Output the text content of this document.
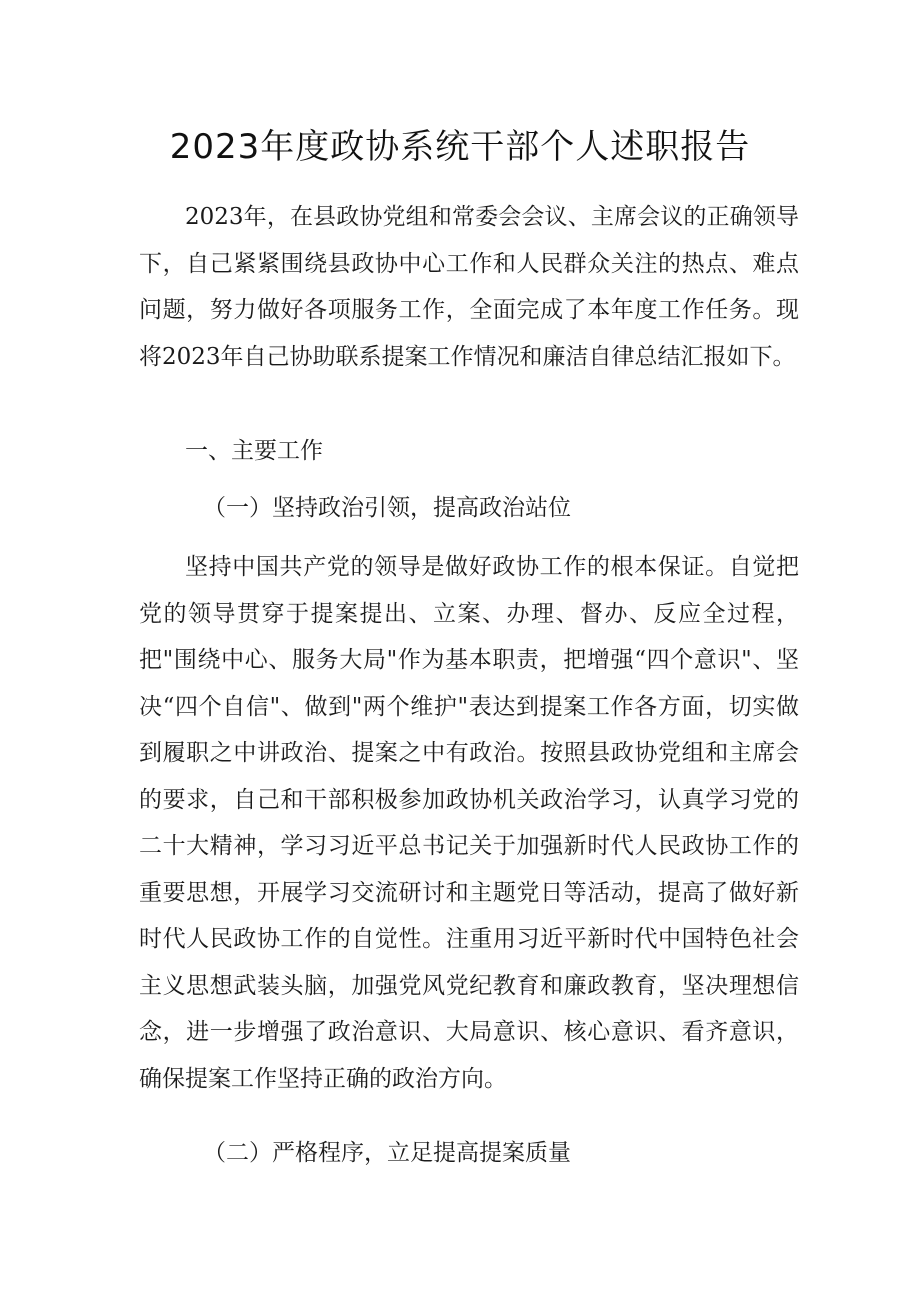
2023年度政协系统干部个人述职报告

2023年，在县政协党组和常委会会议、主席会议的正确领导下，自己紧紧围绕县政协中心工作和人民群众关注的热点、难点问题，努力做好各项服务工作，全面完成了本年度工作任务。现将2023年自己协助联系提案工作情况和廉洁自律总结汇报如下。

一、主要工作

（一）坚持政治引领，提高政治站位

坚持中国共产党的领导是做好政协工作的根本保证。自觉把党的领导贯穿于提案提出、立案、办理、督办、反应全过程，把"围绕中心、服务大局"作为基本职责，把增强“四个意识"、坚决“四个自信"、做到"两个维护"表达到提案工作各方面，切实做到履职之中讲政治、提案之中有政治。按照县政协党组和主席会的要求，自己和干部积极参加政协机关政治学习，认真学习党的二十大精神，学习习近平总书记关于加强新时代人民政协工作的重要思想，开展学习交流研讨和主题党日等活动，提高了做好新时代人民政协工作的自觉性。注重用习近平新时代中国特色社会主义思想武装头脑，加强党风党纪教育和廉政教育，坚决理想信念，进一步增强了政治意识、大局意识、核心意识、看齐意识，确保提案工作坚持正确的政治方向。

（二）严格程序，立足提高提案质量
